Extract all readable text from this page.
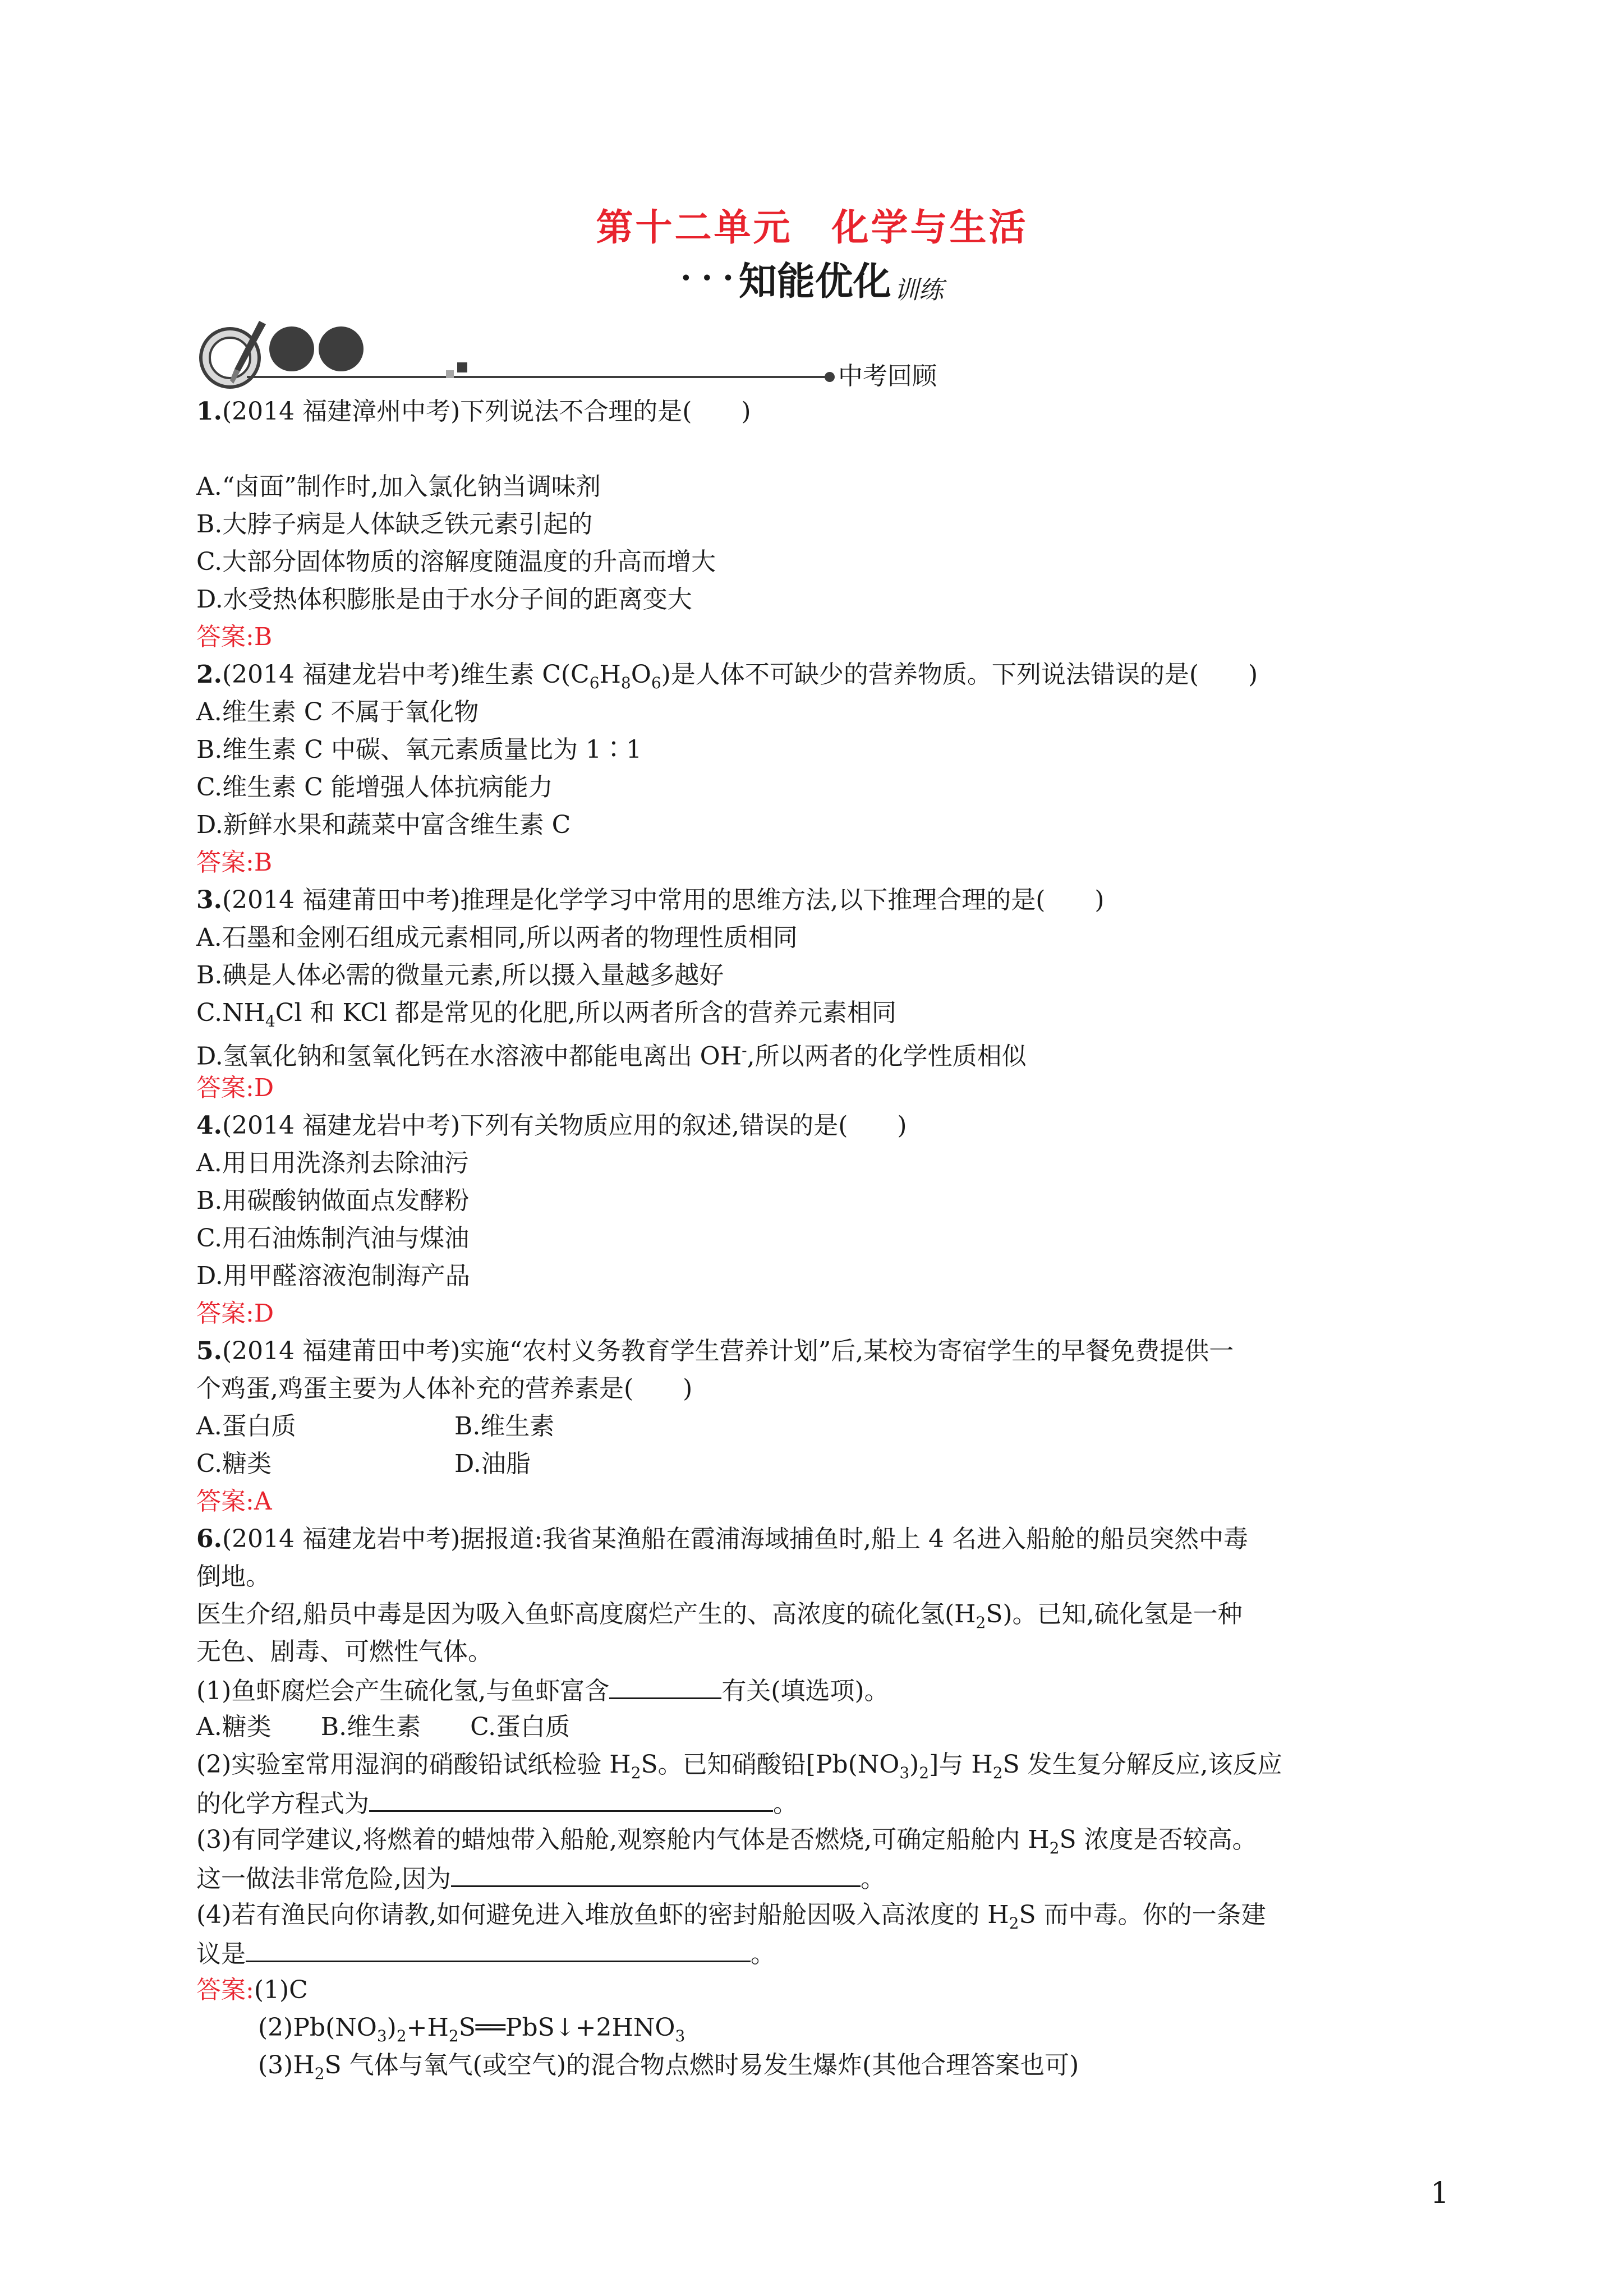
第十二单元　化学与生活
• • • 知能优化 训练
中考回顾
1.(2014 福建漳州中考)下列说法不合理的是(　　)
A.“卤面”制作时,加入氯化钠当调味剂
B.大脖子病是人体缺乏铁元素引起的
C.大部分固体物质的溶解度随温度的升高而增大
D.水受热体积膨胀是由于水分子间的距离变大
答案:B
2.(2014 福建龙岩中考)维生素 $C(C_6H_8O_6)$是人体不可缺少的营养物质。下列说法错误的是(　　)
A.维生素 C 不属于氧化物
B.维生素 C 中碳、氧元素质量比为 1∶1
C.维生素 C 能增强人体抗病能力
D.新鲜水果和蔬菜中富含维生素 C
答案:B
3.(2014 福建莆田中考)推理是化学学习中常用的思维方法,以下推理合理的是(　　)
A.石墨和金刚石组成元素相同,所以两者的物理性质相同
B.碘是人体必需的微量元素,所以摄入量越多越好
$C.NH_4Cl$ 和 KCl 都是常见的化肥,所以两者所含的营养元素相同
D.氢氧化钠和氢氧化钙在水溶液中都能电离出 OH-,所以两者的化学性质相似
答案:D
4.(2014 福建龙岩中考)下列有关物质应用的叙述,错误的是(　　)
A.用日用洗涤剂去除油污
B.用碳酸钠做面点发酵粉
C.用石油炼制汽油与煤油
D.用甲醛溶液泡制海产品
答案:D
5.(2014 福建莆田中考)实施“农村义务教育学生营养计划”后,某校为寄宿学生的早餐免费提供一
个鸡蛋,鸡蛋主要为人体补充的营养素是(　　)
A.蛋白质	B.维生素
C.糖类	D.油脂
答案:A
6.(2014 福建龙岩中考)据报道:我省某渔船在霞浦海域捕鱼时,船上 4 名进入船舱的船员突然中毒
倒地。
医生介绍,船员中毒是因为吸入鱼虾高度腐烂产生的、高浓度的硫化氢$(H_2S)$。已知,硫化氢是一种
无色、剧毒、可燃性气体。
(1)鱼虾腐烂会产生硫化氢,与鱼虾富含	有关(填选项)。
A.糖类　　B.维生素　　C.蛋白质
(2)实验室常用湿润的硝酸铅试纸检验 $H_2S$。已知硝酸铅$[Pb(NO_3)_2]$与 $H_2S$ 发生复分解反应,该反应
的化学方程式为	。
(3)有同学建议,将燃着的蜡烛带入船舱,观察舱内气体是否燃烧,可确定船舱内 $H_2S$ 浓度是否较高。
这一做法非常危险,因为	。
(4)若有渔民向你请教,如何避免进入堆放鱼虾的密封船舱因吸入高浓度的 $H_2S$ 而中毒。你的一条建
议是	。
答案:(1)C
$(2)Pb(NO_3)_2+H_2S══PbS↓+2HNO_3$
$(3)H_2S$ 气体与氧气(或空气)的混合物点燃时易发生爆炸(其他合理答案也可)
1
